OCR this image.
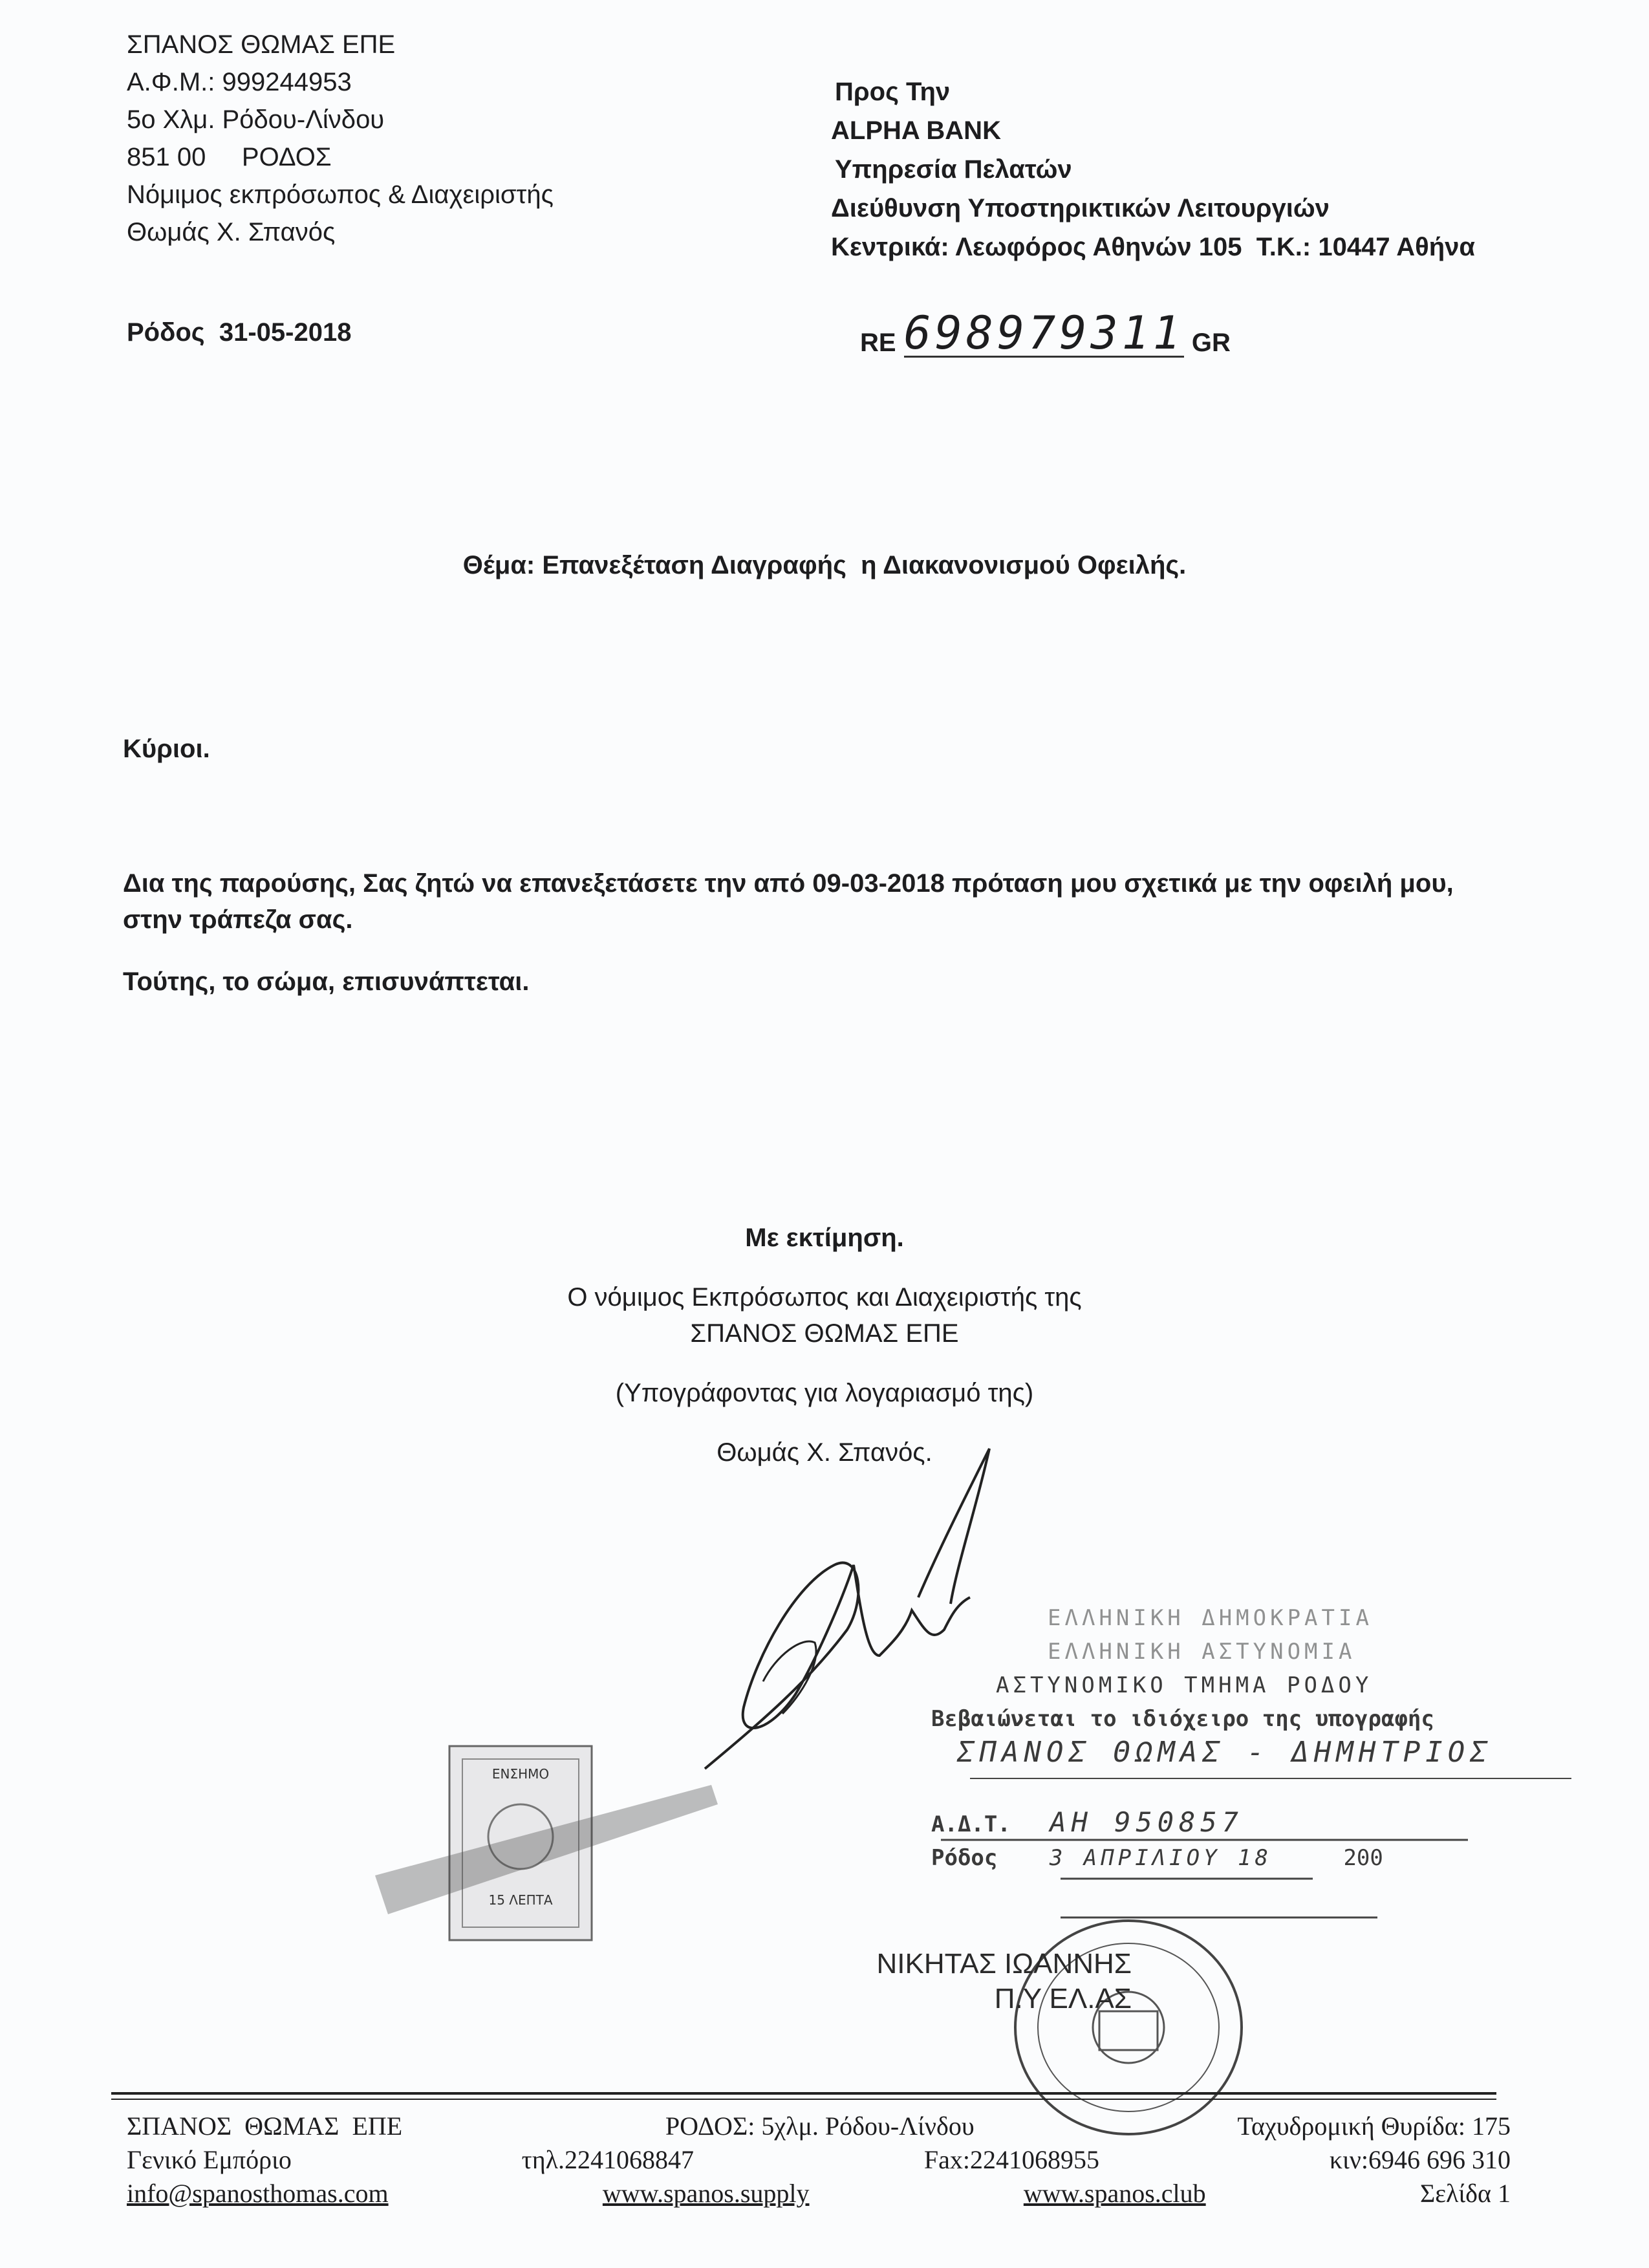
ΣΠΑΝΟΣ ΘΩΜΑΣ ΕΠΕ
Α.Φ.Μ.: 999244953
5ο Χλμ. Ρόδου-Λίνδου
851 00     ΡΟΔΟΣ
Νόμιμος εκπρόσωπος & Διαχειριστής
Θωμάς Χ. Σπανός
Προς Την
ALPHA BANK
Υπηρεσία Πελατών
Διεύθυνση Υποστηρικτικών Λειτουργιών
Κεντρικά: Λεωφόρος Αθηνών 105  Τ.Κ.: 10447 Αθήνα
Ρόδος  31-05-2018	RE 698979311 GR
Θέμα: Επανεξέταση Διαγραφής  η Διακανονισμού Οφειλής.
Κύριοι.

Δια της παρούσης, Σας ζητώ να επανεξετάσετε την από 09-03-2018 πρόταση μου σχετικά με την οφειλή μου, στην τράπεζα σας.

Τούτης, το σώμα, επισυνάπτεται.

Με εκτίμηση.
Ο νόμιμος Εκπρόσωπος και Διαχειριστής της
ΣΠΑΝΟΣ ΘΩΜΑΣ ΕΠΕ
(Υπογράφοντας για λογαριασμό της)
Θωμάς Χ. Σπανός.
ΕΝΣΗΜΟ
15 ΛΕΠΤΑ
ΕΛΛΗΝΙΚΗ ΔΗΜΟΚΡΑΤΙΑ
ΕΛΛΗΝΙΚΗ ΑΣΤΥΝΟΜΙΑ
ΑΣΤΥΝΟΜΙΚΟ ΤΜΗΜΑ ΡΟΔΟΥ
Βεβαιώνεται το ιδιόχειρο της υπογραφής
ΣΠΑΝΟΣ ΘΩΜΑΣ - ΔΗΜΗΤΡΙΟΣ
Α.Δ.Τ. ΑΗ 950857
Ρόδος 3 ΑΠΡΙΛΙΟΥ 18	200
ΝΙΚΗΤΑΣ ΙΩΑΝΝΗΣ
Π.Υ ΕΛ.ΑΣ
ΣΠΑΝΟΣ  ΘΩΜΑΣ  ΕΠΕ	ΡΟΔΟΣ: 5χλμ. Ρόδου-Λίνδου	Ταχυδρομική Θυρίδα: 175
Γενικό Εμπόριο	τηλ.2241068847	Fax:2241068955	κιν:6946 696 310
info@spanosthomas.com	www.spanos.supply	www.spanos.club	Σελίδα 1
